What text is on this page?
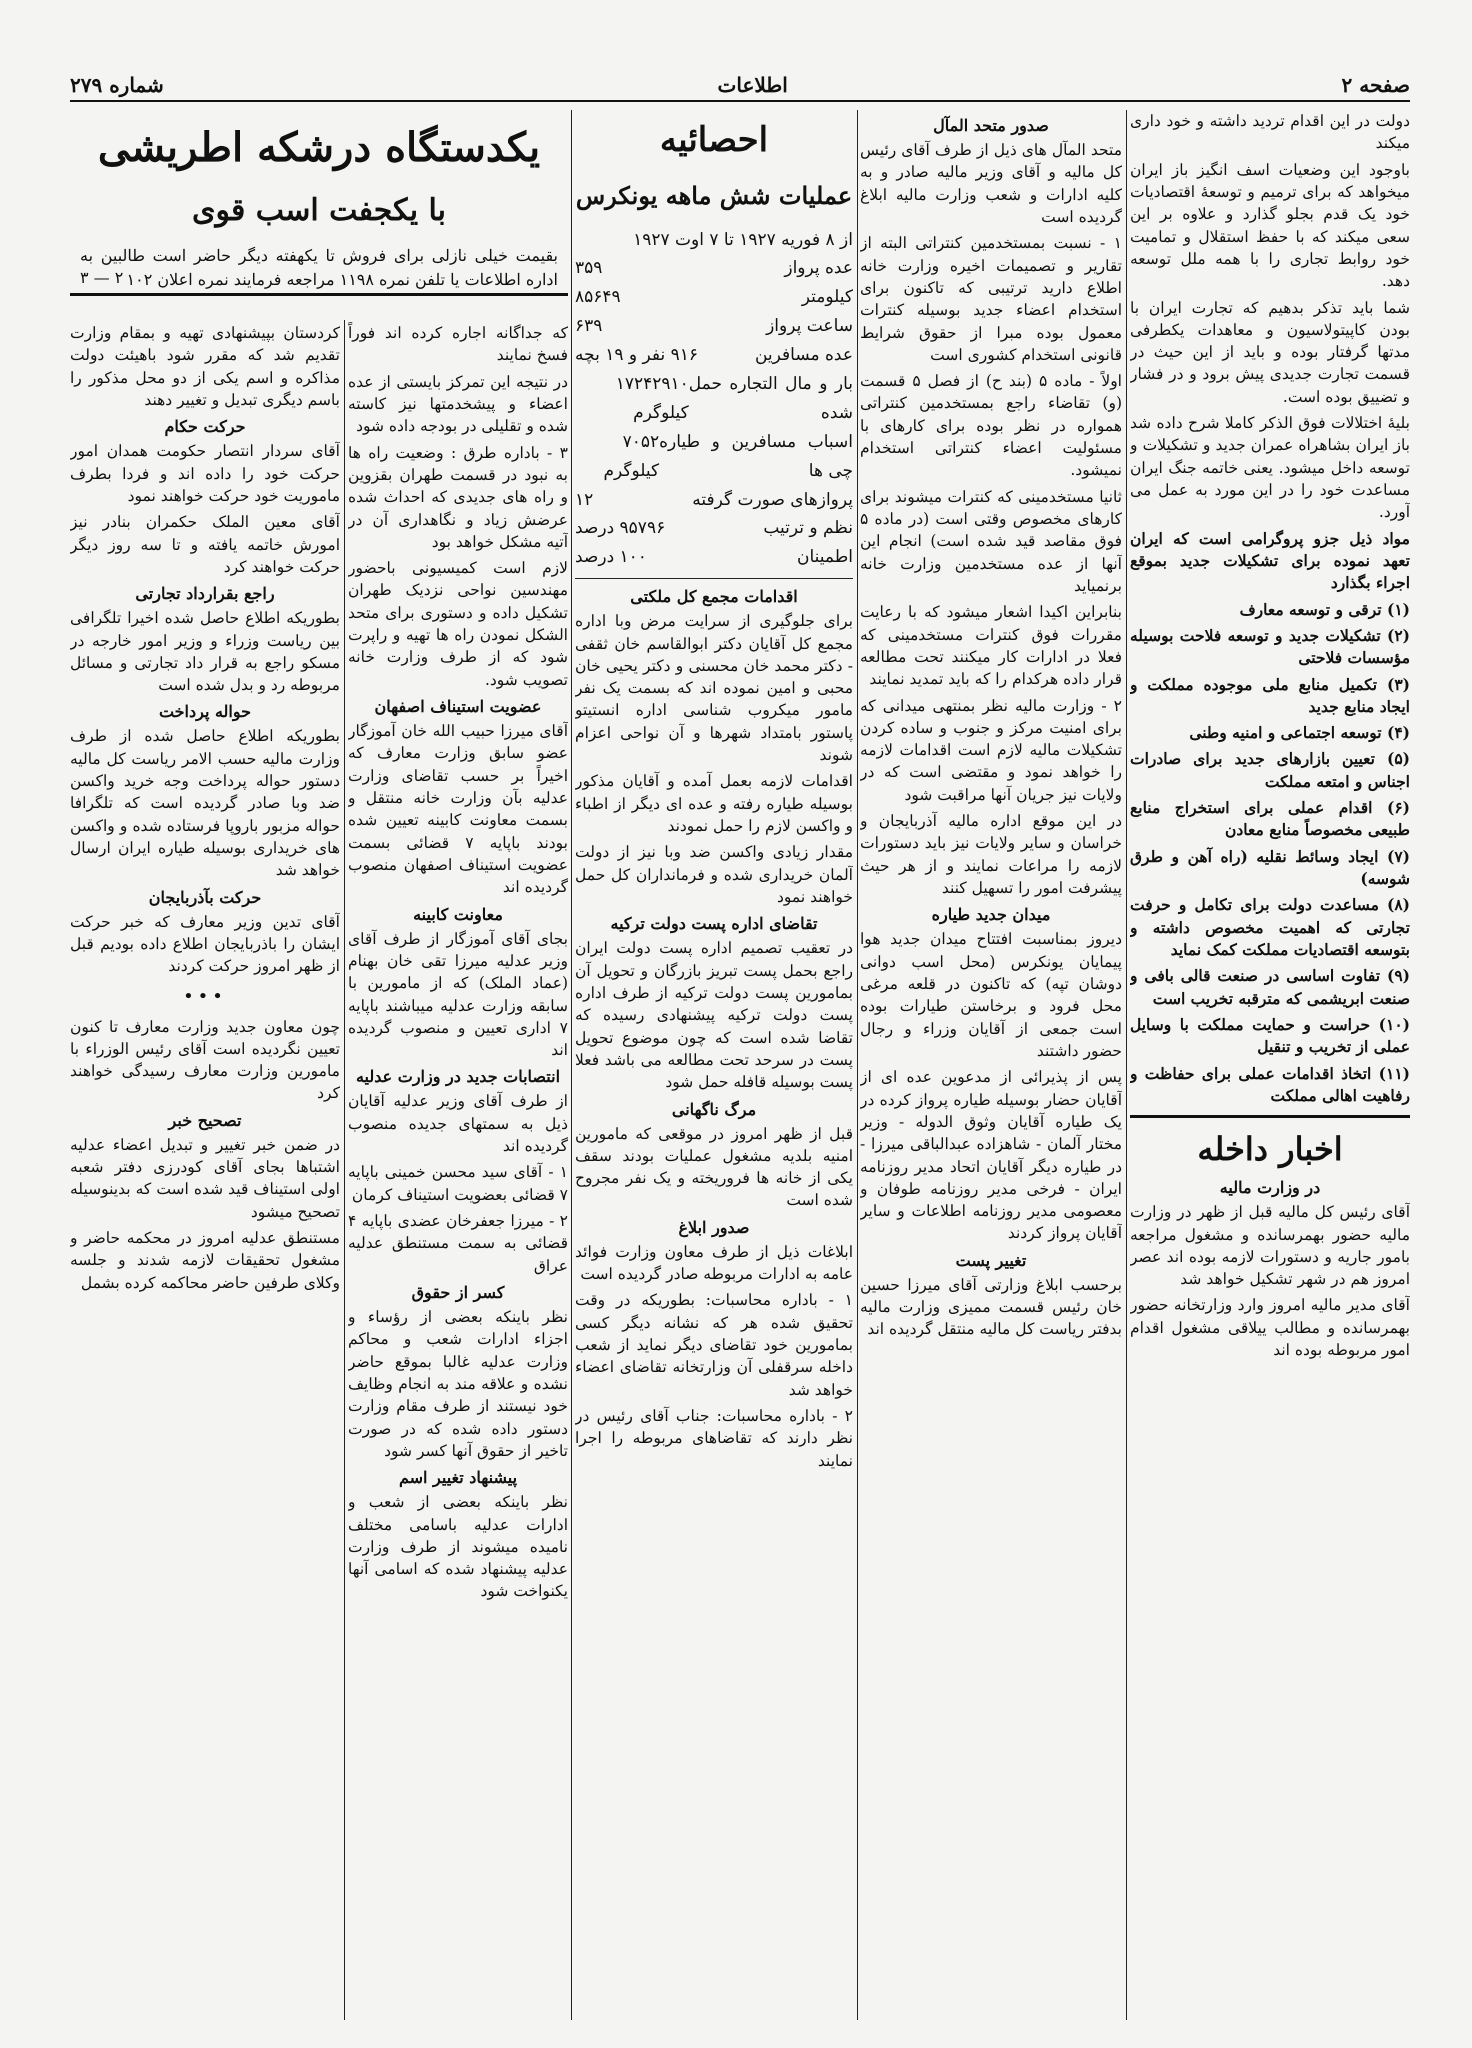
شماره ۲۷۹	اطلاعات	صفحه ۲

دولت در این اقدام تردید داشته و خود داری میکند

باوجود این وضعیات اسف انگیز باز ایران میخواهد که برای ترمیم و توسعهٔ اقتصادیات خود یک قدم بجلو گذارد و علاوه بر این سعی میکند که با حفظ استقلال و تمامیت خود روابط تجاری را با همه ملل توسعه دهد.

شما باید تذکر بدهیم که تجارت ایران با بودن کاپیتولاسیون و معاهدات یکطرفی مدتها گرفتار بوده و باید از این حیث در قسمت تجارت جدیدی پیش برود و در فشار و تضییق بوده است.

بلیهٔ اختلالات فوق الذکر کاملا شرح داده شد باز ایران بشاهراه عمران جدید و تشکیلات و توسعه داخل میشود. یعنی خاتمه جنگ ایران مساعدت خود را در این مورد به عمل می آورد.

مواد ذیل جزو پروگرامی است که ایران تعهد نموده برای تشکیلات جدید بموقع اجراء بگذارد

(۱) ترقی و توسعه معارف

(۲) تشکیلات جدید و توسعه فلاحت بوسیله مؤسسات فلاحتی

(۳) تکمیل منابع ملی موجوده مملکت و ایجاد منابع جدید

(۴) توسعه اجتماعی و امنیه وطنی

(۵) تعیین بازارهای جدید برای صادرات اجناس و امتعه مملکت

(۶) اقدام عملی برای استخراج منابع طبیعی مخصوصاً منابع معادن

(۷) ایجاد وسائط نقلیه (راه آهن و طرق شوسه)

(۸) مساعدت دولت برای تکامل و حرفت تجارتی که اهمیت مخصوص داشته و بتوسعه اقتصادیات مملکت کمک نماید

(۹) تفاوت اساسی در صنعت قالی بافی و صنعت ابریشمی که مترقبه تخریب است

(۱۰) حراست و حمایت مملکت با وسایل عملی از تخریب و تنقیل

(۱۱) اتخاذ اقدامات عملی برای حفاظت و رفاهیت اهالی مملکت

اخبار داخله
در وزارت مالیه

آقای رئیس کل مالیه قبل از ظهر در وزارت مالیه حضور بهمرسانده و مشغول مراجعه بامور جاریه و دستورات لازمه بوده اند عصر امروز هم در شهر تشکیل خواهد شد

آقای مدیر مالیه امروز وارد وزارتخانه حضور بهمرسانده و مطالب ییلاقی مشغول اقدام امور مربوطه بوده اند

صدور متحد المآل

متحد المآل های ذیل از طرف آقای رئیس کل مالیه و آقای وزیر مالیه صادر و به کلیه ادارات و شعب وزارت مالیه ابلاغ گردیده است

۱ - نسبت بمستخدمین کنتراتی البته از تقاریر و تصمیمات اخیره وزارت خانه اطلاع دارید ترتیبی که تاکنون برای استخدام اعضاء جدید بوسیله کنترات معمول بوده مبرا از حقوق شرایط قانونی استخدام کشوری است

اولاً - ماده ۵ (بند ح) از فصل ۵ قسمت (و) تقاضاء راجع بمستخدمین کنتراتی همواره در نظر بوده برای کارهای با مسئولیت اعضاء کنتراتی استخدام نمیشود.

ثانیا مستخدمینی که کنترات میشوند برای کارهای مخصوص وقتی است (در ماده ۵ فوق مقاصد قید شده است) انجام این آنها از عده مستخدمین وزارت خانه برنمیاید

بنابراین اکیدا اشعار میشود که با رعایت مقررات فوق کنترات مستخدمینی که فعلا در ادارات کار میکنند تحت مطالعه قرار داده هرکدام را که باید تمدید نمایند

۲ - وزارت مالیه نظر بمنتهی میدانی که برای امنیت مرکز و جنوب و ساده کردن تشکیلات مالیه لازم است اقدامات لازمه را خواهد نمود و مقتضی است که در ولایات نیز جریان آنها مراقبت شود

در این موقع اداره مالیه آذربایجان و خراسان و سایر ولایات نیز باید دستورات لازمه را مراعات نمایند و از هر حیث پیشرفت امور را تسهیل کنند

میدان جدید طیاره

دیروز بمناسبت افتتاح میدان جدید هوا پیمایان یونکرس (محل اسب دوانی دوشان تپه) که تاکنون در قلعه مرغی محل فرود و برخاستن طیارات بوده است جمعی از آقایان وزراء و رجال حضور داشتند

پس از پذیرائی از مدعوین عده ای از آقایان حضار بوسیله طیاره پرواز کرده در یک طیاره آقایان وثوق الدوله - وزیر مختار آلمان - شاهزاده عبدالباقی میرزا - در طیاره دیگر آقایان اتحاد مدیر روزنامه ایران - فرخی مدیر روزنامه طوفان و معصومی مدیر روزنامه اطلاعات و سایر آقایان پرواز کردند

تغییر پست

برحسب ابلاغ وزارتی آقای میرزا حسین خان رئیس قسمت ممیزی وزارت مالیه بدفتر ریاست کل مالیه منتقل گردیده اند

احصائیه
عملیات شش ماهه یونکرس
از ۸ فوریه ۱۹۲۷ تا ۷ اوت ۱۹۲۷
عده پرواز
۳۵۹
کیلومتر
۸۵۶۴۹
ساعت پرواز
۶۳۹
عده مسافرین
۹۱۶ نفر و ۱۹ بچه
بار و مال التجاره حمل شده
۱۷۲۴۲۹۱۰ کیلوگرم
اسباب مسافرین و طیاره چی ها
۷۰۵۲ کیلوگرم
پروازهای صورت گرفته
۱۲
نظم و ترتیب
۹۵۷۹۶ درصد
اطمینان
۱۰۰ درصد
اقدامات مجمع کل ملکتی

برای جلوگیری از سرایت مرض وبا اداره مجمع کل آقایان دکتر ابوالقاسم خان ثقفی - دکتر محمد خان محسنی و دکتر یحیی خان محبی و امین نموده اند که بسمت یک نفر مامور میکروب شناسی اداره انستیتو پاستور بامتداد شهرها و آن نواحی اعزام شوند

اقدامات لازمه بعمل آمده و آقایان مذکور بوسیله طیاره رفته و عده ای دیگر از اطباء و واکسن لازم را حمل نمودند

مقدار زیادی واکسن ضد وبا نیز از دولت آلمان خریداری شده و فرمانداران کل حمل خواهند نمود

تقاضای اداره پست دولت ترکیه

در تعقیب تصمیم اداره پست دولت ایران راجع بحمل پست تبریز بازرگان و تحویل آن بمامورین پست دولت ترکیه از طرف اداره پست دولت ترکیه پیشنهادی رسیده که تقاضا شده است که چون موضوع تحویل پست در سرحد تحت مطالعه می باشد فعلا پست بوسیله قافله حمل شود

مرگ ناگهانی

قبل از ظهر امروز در موقعی که مامورین امنیه بلدیه مشغول عملیات بودند سقف یکی از خانه ها فروریخته و یک نفر مجروح شده است

صدور ابلاغ

ابلاغات ذیل از طرف معاون وزارت فوائد عامه به ادارات مربوطه صادر گردیده است

۱ - باداره محاسبات: بطوریکه در وقت تحقیق شده هر که نشانه دیگر کسی بمامورین خود تقاضای دیگر نماید از شعب داخله سرقفلی آن وزارتخانه تقاضای اعضاء خواهد شد

۲ - باداره محاسبات: جناب آقای رئیس در نظر دارند که تقاضاهای مربوطه را اجرا نمایند

یکدستگاه درشکه اطریشی
با یکجفت اسب قوی
بقیمت خیلی نازلی برای فروش تا یکهفته دیگر حاضر است طالبین به اداره اطلاعات یا تلفن نمره ۱۱۹۸ مراجعه فرمایند نمره اعلان ۱۰۲
۳ — ۲

که جداگانه اجاره کرده اند فوراً فسخ نمایند

در نتیجه این تمرکز بایستی از عده اعضاء و پیشخدمتها نیز کاسته شده و تقلیلی در بودجه داده شود

۳ - باداره طرق : وضعیت راه ها به نبود در قسمت طهران بقزوین و راه های جدیدی که احداث شده عرضش زیاد و نگاهداری آن در آتیه مشکل خواهد بود

لازم است کمیسیونی باحضور مهندسین نواحی نزدیک طهران تشکیل داده و دستوری برای متحد الشکل نمودن راه ها تهیه و راپرت شود که از طرف وزارت خانه تصویب شود.

عضویت استیناف اصفهان

آقای میرزا حبیب الله خان آموزگار عضو سابق وزارت معارف که اخیراً بر حسب تقاضای وزارت عدلیه بآن وزارت خانه منتقل و بسمت معاونت کابینه تعیین شده بودند باپایه ۷ قضائی بسمت عضویت استیناف اصفهان منصوب گردیده اند

معاونت کابینه

بجای آقای آموزگار از طرف آقای وزیر عدلیه میرزا تقی خان بهنام (عماد الملک) که از مامورین با سابقه وزارت عدلیه میباشند باپایه ۷ اداری تعیین و منصوب گردیده اند

انتصابات جدید در وزارت عدلیه

از طرف آقای وزیر عدلیه آقایان ذیل به سمتهای جدیده منصوب گردیده اند

۱ - آقای سید محسن خمینی باپایه ۷ قضائی بعضویت استیناف کرمان

۲ - میرزا جعفرخان عضدی باپایه ۴ قضائی به سمت مستنطق عدلیه عراق

کسر از حقوق

نظر باینکه بعضی از رؤساء و اجزاء ادارات شعب و محاکم وزارت عدلیه غالبا بموقع حاضر نشده و علاقه مند به انجام وظایف خود نیستند از طرف مقام وزارت دستور داده شده که در صورت تاخیر از حقوق آنها کسر شود

پیشنهاد تغییر اسم

نظر باینکه بعضی از شعب و ادارات عدلیه باسامی مختلف نامیده میشوند از طرف وزارت عدلیه پیشنهاد شده که اسامی آنها یکنواخت شود

کردستان بپیشنهادی تهیه و بمقام وزارت تقدیم شد که مقرر شود باهیئت دولت مذاکره و اسم یکی از دو محل مذکور را باسم دیگری تبدیل و تغییر دهند

حرکت حکام

آقای سردار انتصار حکومت همدان امور حرکت خود را داده اند و فردا بطرف ماموریت خود حرکت خواهند نمود

آقای معین الملک حکمران بنادر نیز امورش خاتمه یافته و تا سه روز دیگر حرکت خواهند کرد

راجع بقرارداد تجارتی

بطوریکه اطلاع حاصل شده اخیرا تلگرافی بین ریاست وزراء و وزیر امور خارجه در مسکو راجع به قرار داد تجارتی و مسائل مربوطه رد و بدل شده است

حواله پرداخت

بطوریکه اطلاع حاصل شده از طرف وزارت مالیه حسب الامر ریاست کل مالیه دستور حواله پرداخت وجه خرید واکسن ضد وبا صادر گردیده است که تلگرافا حواله مزبور باروپا فرستاده شده و واکسن های خریداری بوسیله طیاره ایران ارسال خواهد شد

حرکت بآذربایجان

آقای تدین وزیر معارف که خبر حرکت ایشان را باذربایجان اطلاع داده بودیم قبل از ظهر امروز حرکت کردند

•••

چون معاون جدید وزارت معارف تا کنون تعیین نگردیده است آقای رئیس الوزراء با مامورین وزارت معارف رسیدگی خواهند کرد

تصحیح خبر

در ضمن خبر تغییر و تبدیل اعضاء عدلیه اشتباها بجای آقای کودرزی دفتر شعبه اولی استیناف قید شده است که بدینوسیله تصحیح میشود

مستنطق عدلیه امروز در محکمه حاضر و مشغول تحقیقات لازمه شدند و جلسه وکلای طرفین حاضر محاکمه کرده بشمل
